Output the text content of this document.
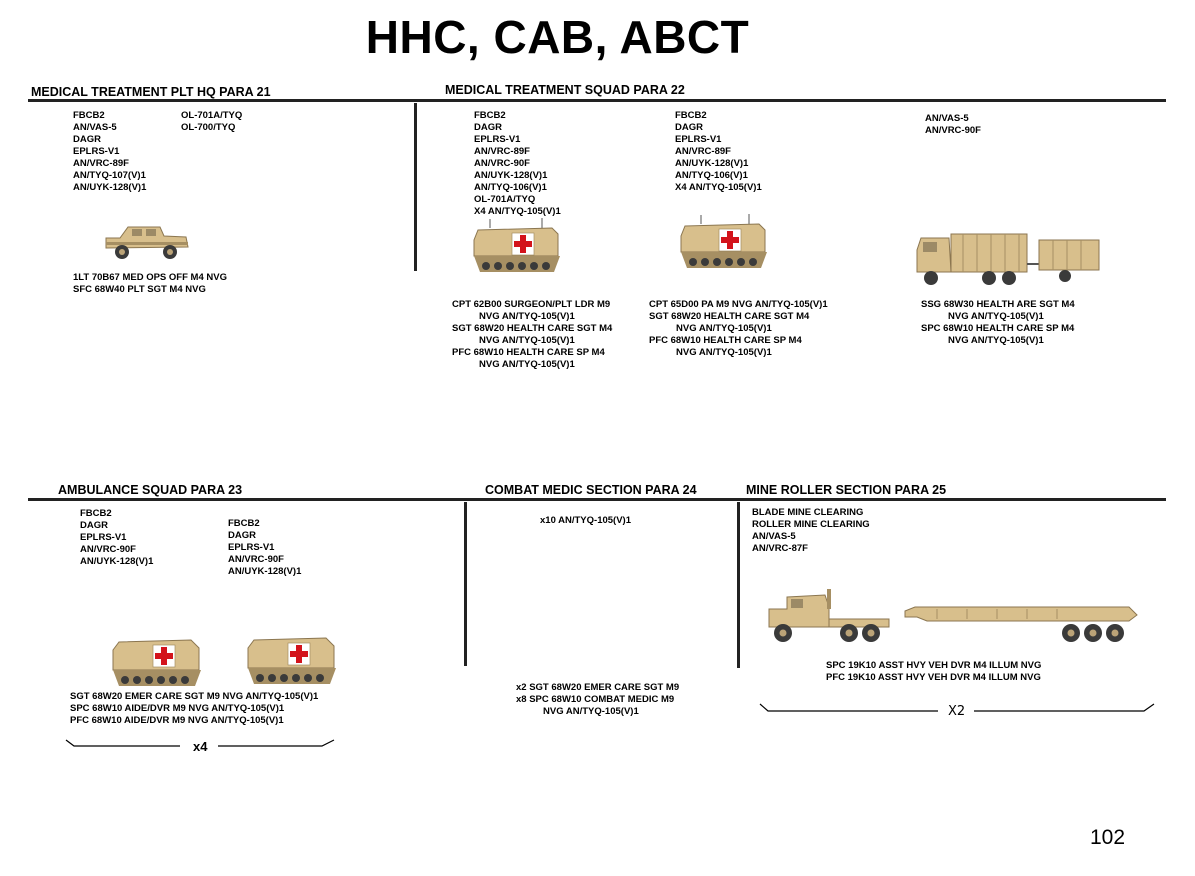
HHC, CAB, ABCT
MEDICAL TREATMENT PLT HQ PARA 21	MEDICAL TREATMENT SQUAD PARA 22
FBCB2
AN/VAS-5
DAGR
EPLRS-V1
AN/VRC-89F
AN/TYQ-107(V)1
AN/UYK-128(V)1
OL-701A/TYQ
OL-700/TYQ
1LT 70B67 MED OPS OFF M4 NVG
SFC 68W40 PLT SGT M4 NVG
FBCB2
DAGR
EPLRS-V1
AN/VRC-89F
AN/VRC-90F
AN/UYK-128(V)1
AN/TYQ-106(V)1
OL-701A/TYQ
X4 AN/TYQ-105(V)1
FBCB2
DAGR
EPLRS-V1
AN/VRC-89F
AN/UYK-128(V)1
AN/TYQ-106(V)1
X4 AN/TYQ-105(V)1
AN/VAS-5
AN/VRC-90F
CPT 62B00 SURGEON/PLT LDR M9
NVG AN/TYQ-105(V)1
SGT 68W20 HEALTH CARE SGT M4
NVG AN/TYQ-105(V)1
PFC 68W10 HEALTH CARE SP M4
NVG AN/TYQ-105(V)1
CPT 65D00 PA M9 NVG AN/TYQ-105(V)1
SGT 68W20 HEALTH CARE SGT M4
NVG AN/TYQ-105(V)1
PFC 68W10 HEALTH CARE SP M4
NVG AN/TYQ-105(V)1
SSG 68W30 HEALTH ARE SGT M4
NVG AN/TYQ-105(V)1
SPC 68W10 HEALTH CARE SP M4
NVG AN/TYQ-105(V)1
AMBULANCE SQUAD PARA 23	COMBAT MEDIC SECTION PARA 24	MINE ROLLER SECTION PARA 25
FBCB2
DAGR
EPLRS-V1
AN/VRC-90F
AN/UYK-128(V)1
FBCB2
DAGR
EPLRS-V1
AN/VRC-90F
AN/UYK-128(V)1
SGT 68W20 EMER CARE SGT M9 NVG AN/TYQ-105(V)1
SPC 68W10 AIDE/DVR M9 NVG AN/TYQ-105(V)1
PFC 68W10 AIDE/DVR M9 NVG AN/TYQ-105(V)1
x4
x10 AN/TYQ-105(V)1
x2 SGT 68W20 EMER CARE SGT M9
x8 SPC 68W10 COMBAT MEDIC M9
NVG AN/TYQ-105(V)1
BLADE MINE CLEARING
ROLLER MINE CLEARING
AN/VAS-5
AN/VRC-87F
SPC 19K10 ASST HVY VEH DVR M4 ILLUM NVG
PFC 19K10 ASST HVY VEH DVR M4 ILLUM NVG
X2
102
